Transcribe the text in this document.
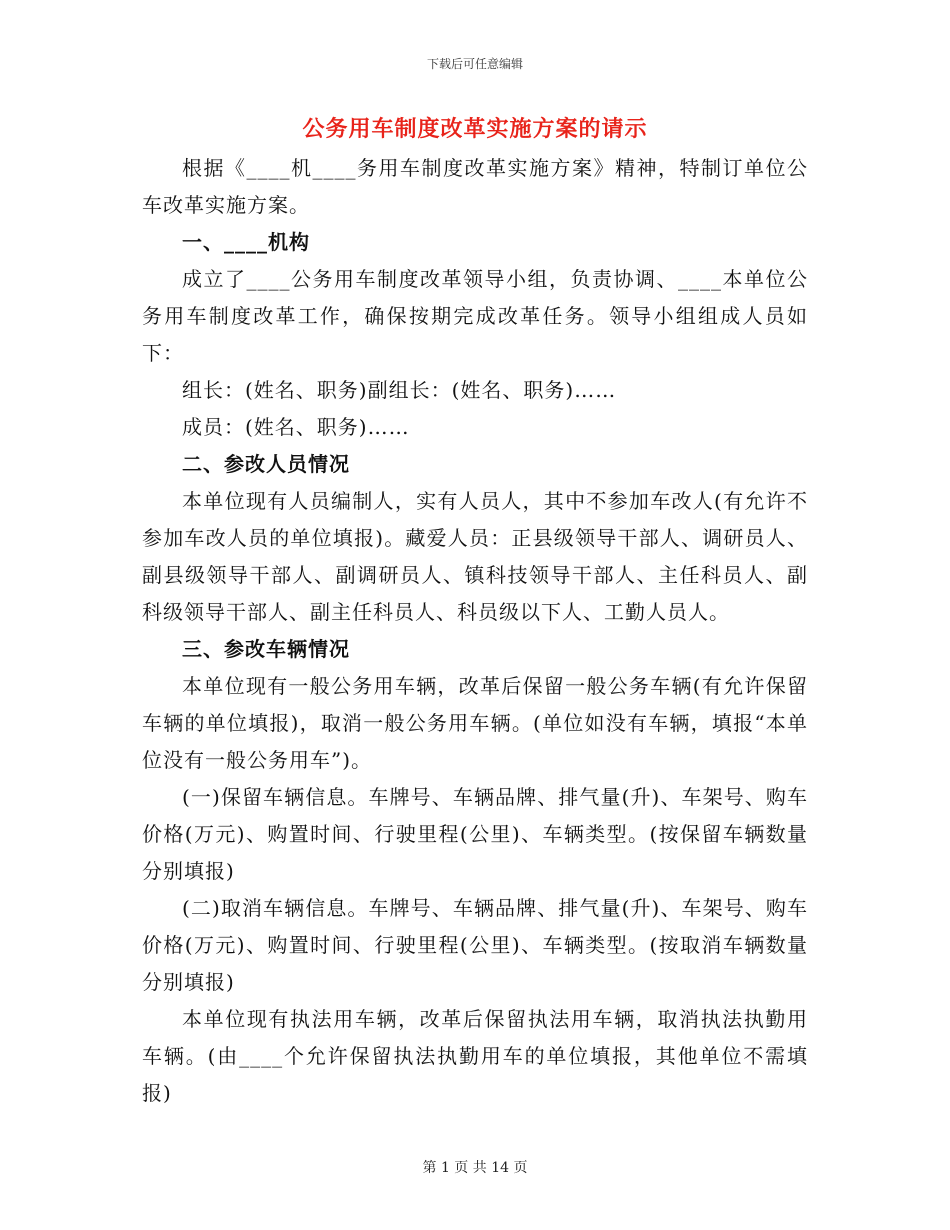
下载后可任意编辑
公务用车制度改革实施方案的请示

根据《____机____务用车制度改革实施方案》精神，特制订单位公车改革实施方案。

一、____机构

成立了____公务用车制度改革领导小组，负责协调、____本单位公务用车制度改革工作，确保按期完成改革任务。领导小组组成人员如下：

组长：(姓名、职务)副组长：(姓名、职务)……

成员：(姓名、职务)……

二、参改人员情况

本单位现有人员编制人，实有人员人，其中不参加车改人(有允许不参加车改人员的单位填报)。藏爱人员：正县级领导干部人、调研员人、副县级领导干部人、副调研员人、镇科技领导干部人、主任科员人、副科级领导干部人、副主任科员人、科员级以下人、工勤人员人。

三、参改车辆情况

本单位现有一般公务用车辆，改革后保留一般公务车辆(有允许保留车辆的单位填报)，取消一般公务用车辆。(单位如没有车辆，填报“本单位没有一般公务用车”)。

(一)保留车辆信息。车牌号、车辆品牌、排气量(升)、车架号、购车价格(万元)、购置时间、行驶里程(公里)、车辆类型。(按保留车辆数量分别填报)

(二)取消车辆信息。车牌号、车辆品牌、排气量(升)、车架号、购车价格(万元)、购置时间、行驶里程(公里)、车辆类型。(按取消车辆数量分别填报)

本单位现有执法用车辆，改革后保留执法用车辆，取消执法执勤用车辆。(由____个允许保留执法执勤用车的单位填报，其他单位不需填报)

第 1 页 共 14 页
